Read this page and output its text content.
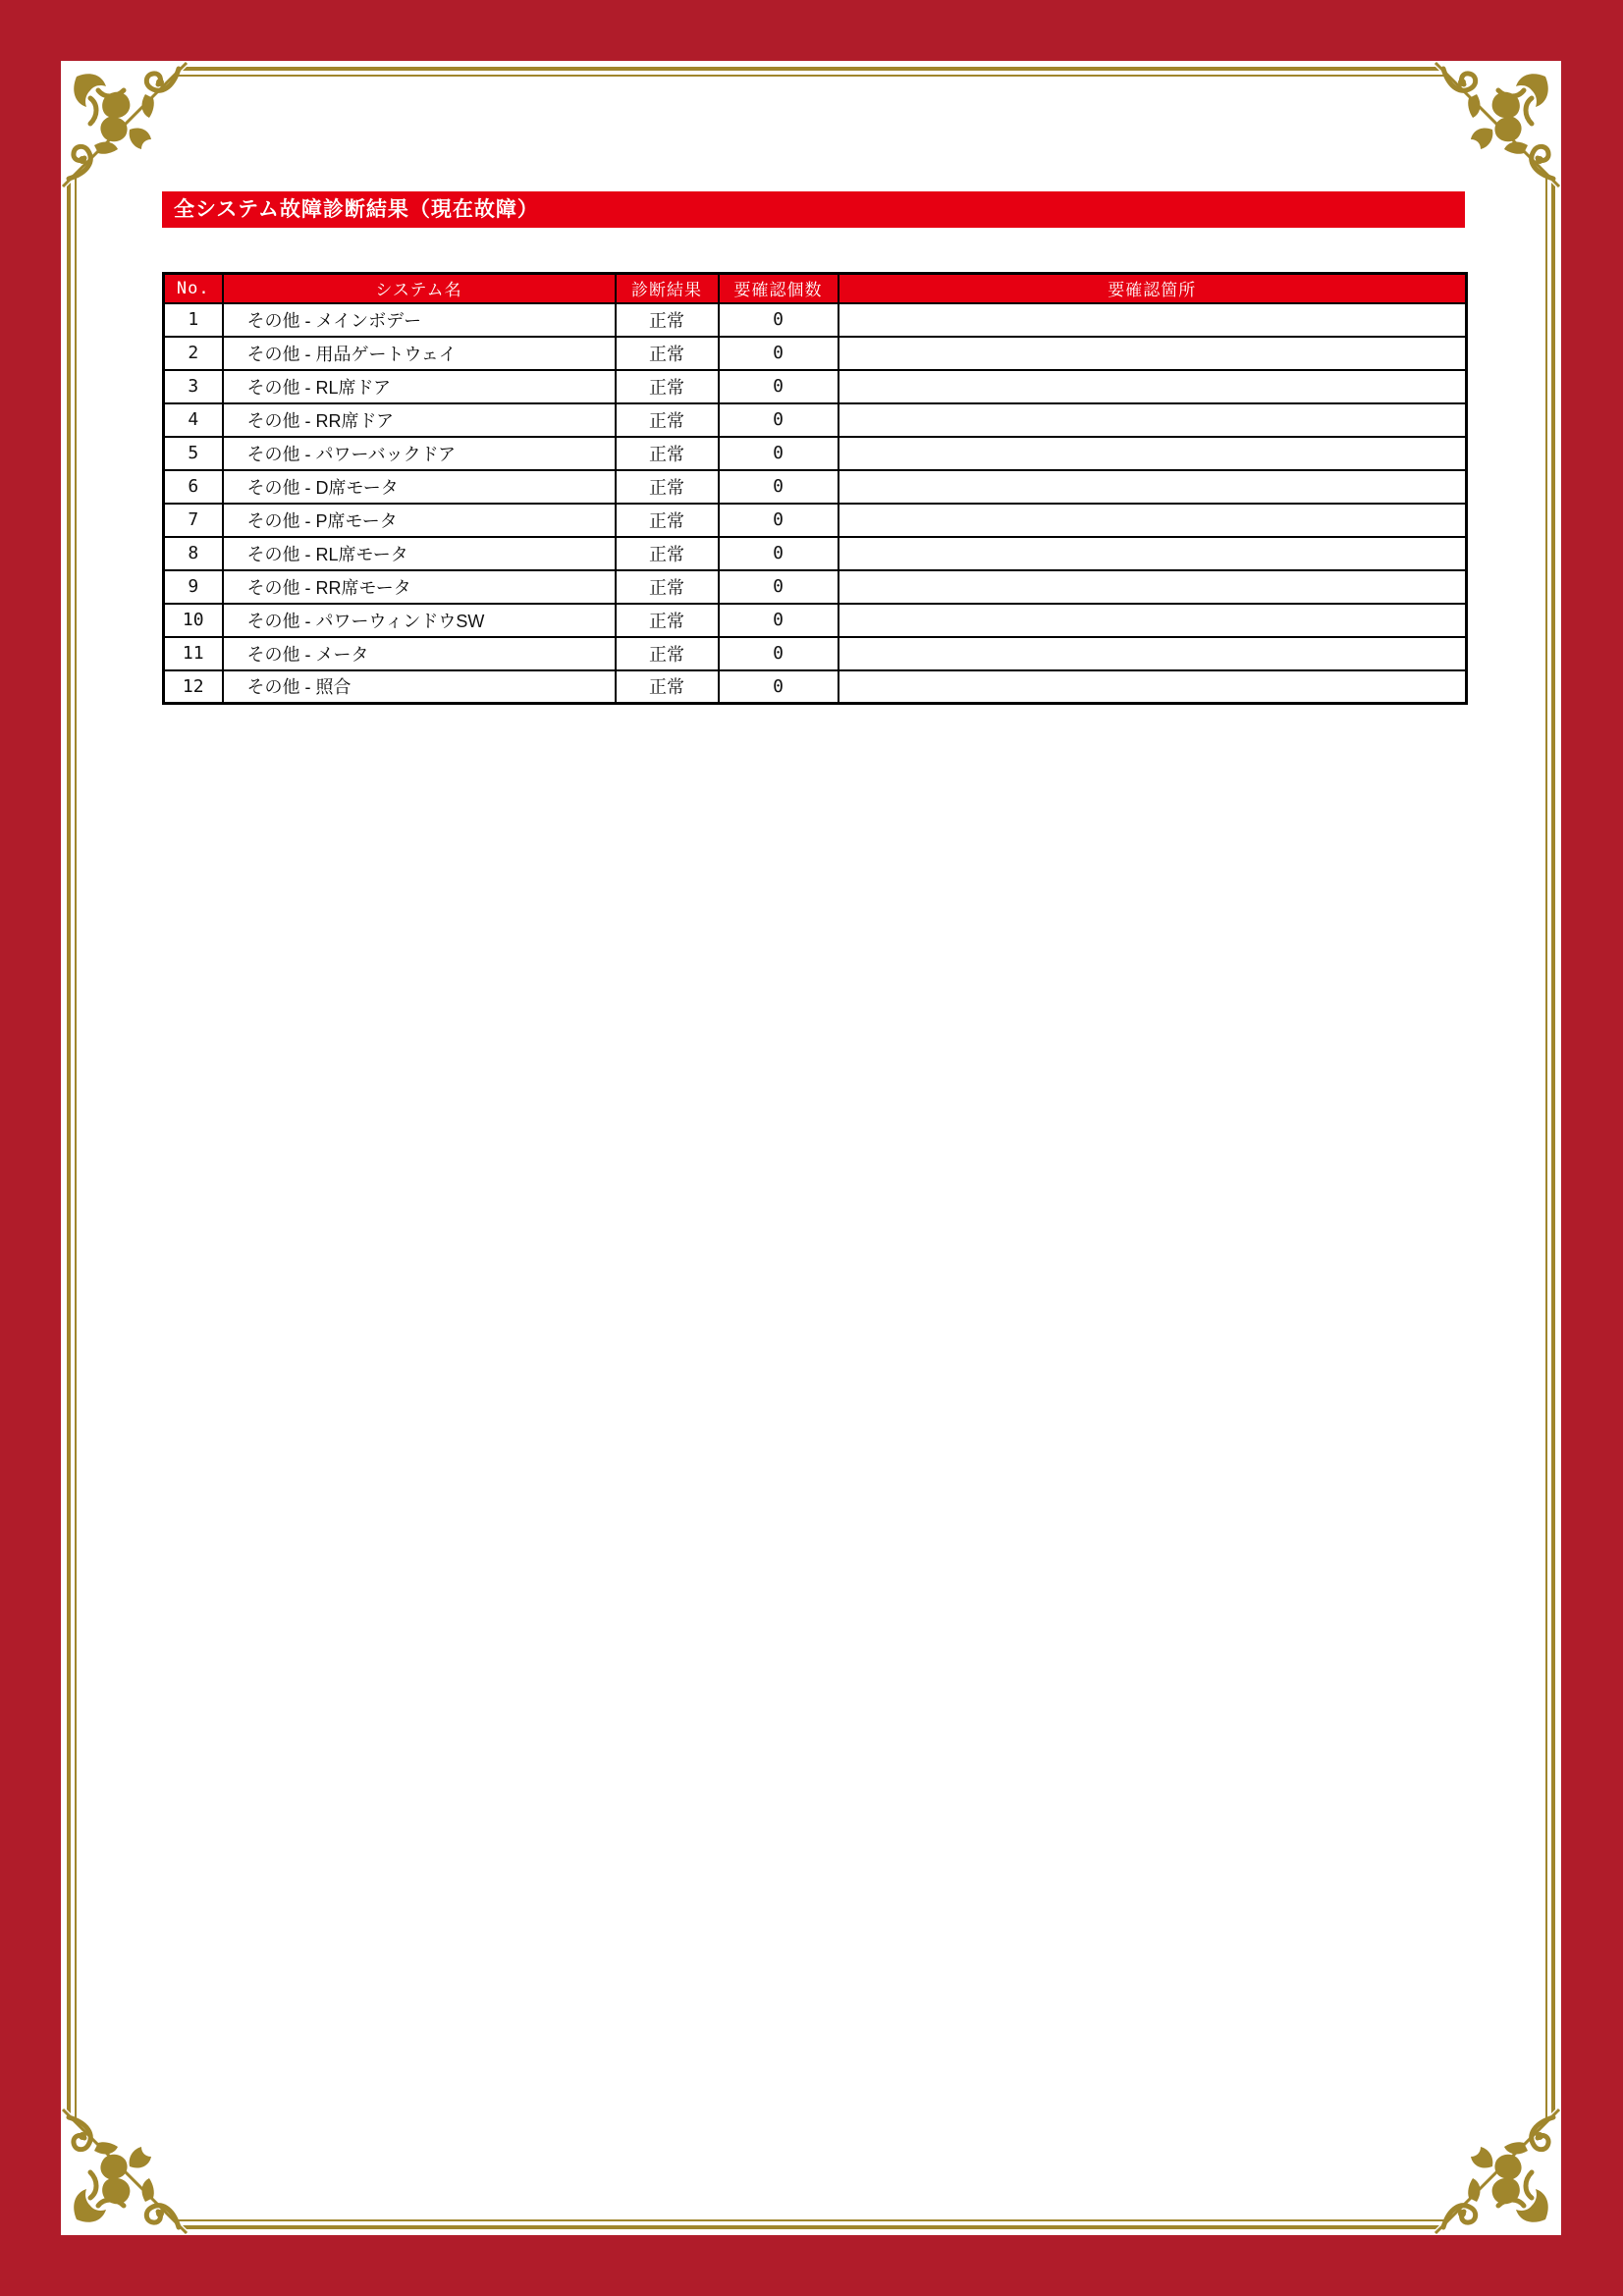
全システム故障診断結果（現在故障）
No.	システム名	診断結果	要確認個数	要確認箇所
1	その他 - メインボデー	正常	0	
2	その他 - 用品ゲートウェイ	正常	0	
3	その他 - RL席ドア	正常	0	
4	その他 - RR席ドア	正常	0	
5	その他 - パワーバックドア	正常	0	
6	その他 - D席モータ	正常	0	
7	その他 - P席モータ	正常	0	
8	その他 - RL席モータ	正常	0	
9	その他 - RR席モータ	正常	0	
10	その他 - パワーウィンドウSW	正常	0	
11	その他 - メータ	正常	0	
12	その他 - 照合	正常	0	
